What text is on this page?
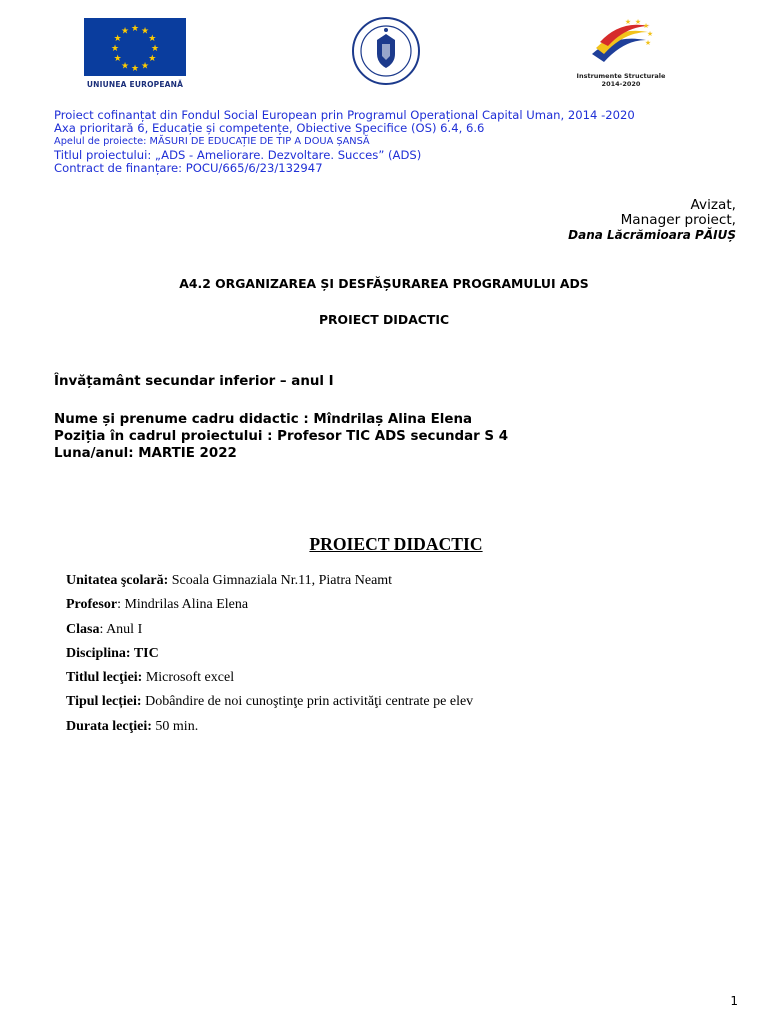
★ ★
★
★
★
★
★
★
★
★
★
★
UNIUNEA EUROPEANĂ
★ ★ ★
★
★
Instrumente Structurale
2014-2020
Proiect cofinanțat din Fondul Social European prin Programul Operațional Capital Uman, 2014 -2020
Axa prioritară 6, Educație și competențe, Obiective Specifice (OS) 6.4, 6.6
Apelul de proiecte: MĂSURI DE EDUCAȚIE DE TIP A DOUA ȘANSĂ
Titlul proiectului: „ADS - Ameliorare. Dezvoltare. Succes” (ADS)
Contract de finanțare: POCU/665/6/23/132947
Avizat,
Manager proiect,
Dana Lăcrămioara PĂIUȘ
A4.2 ORGANIZAREA ȘI DESFĂȘURAREA PROGRAMULUI ADS
PROIECT DIDACTIC
Învățamânt secundar inferior – anul I
Nume și prenume cadru didactic : Mîndrilaș Alina Elena
Poziția în cadrul proiectului : Profesor TIC ADS secundar S 4
Luna/anul: MARTIE 2022
PROIECT DIDACTIC
Unitatea şcolară: Scoala Gimnaziala Nr.11, Piatra Neamt
Profesor: Mindrilas Alina Elena
Clasa: Anul I
Disciplina: TIC
Titlul lecţiei: Microsoft excel
Tipul lecției: Dobândire de noi cunoştinţe prin activităţi centrate pe elev
Durata lecţiei: 50 min.
1
